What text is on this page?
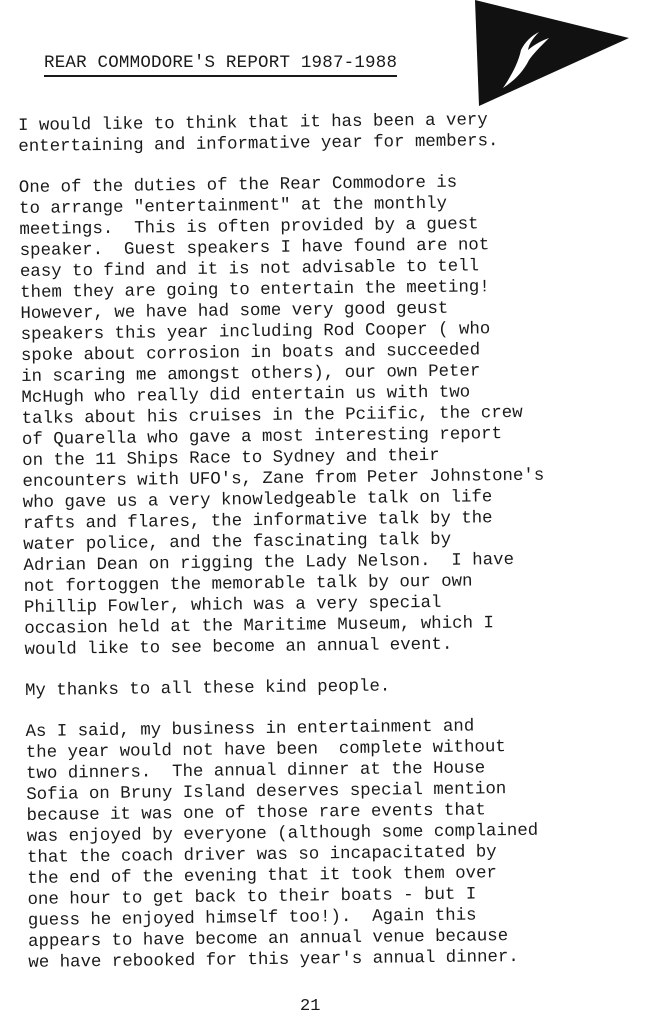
REAR COMMODORE'S REPORT 1987-1988
I would like to think that it has been a very
entertaining and informative year for members.
One of the duties of the Rear Commodore is
to arrange "entertainment" at the monthly
meetings.  This is often provided by a guest
speaker.  Guest speakers I have found are not
easy to find and it is not advisable to tell
them they are going to entertain the meeting!
However, we have had some very good geust
speakers this year including Rod Cooper ( who
spoke about corrosion in boats and succeeded
in scaring me amongst others), our own Peter
McHugh who really did entertain us with two
talks about his cruises in the Pciific, the crew
of Quarella who gave a most interesting report
on the 11 Ships Race to Sydney and their
encounters with UFO's, Zane from Peter Johnstone's
who gave us a very knowledgeable talk on life
rafts and flares, the informative talk by the
water police, and the fascinating talk by
Adrian Dean on rigging the Lady Nelson.  I have
not fortoggen the memorable talk by our own
Phillip Fowler, which was a very special
occasion held at the Maritime Museum, which I
would like to see become an annual event.
My thanks to all these kind people.
As I said, my business in entertainment and
the year would not have been  complete without
two dinners.  The annual dinner at the House
Sofia on Bruny Island deserves special mention
because it was one of those rare events that
was enjoyed by everyone (although some complained
that the coach driver was so incapacitated by
the end of the evening that it took them over
one hour to get back to their boats - but I
guess he enjoyed himself too!).  Again this
appears to have become an annual venue because
we have rebooked for this year's annual dinner.
21
